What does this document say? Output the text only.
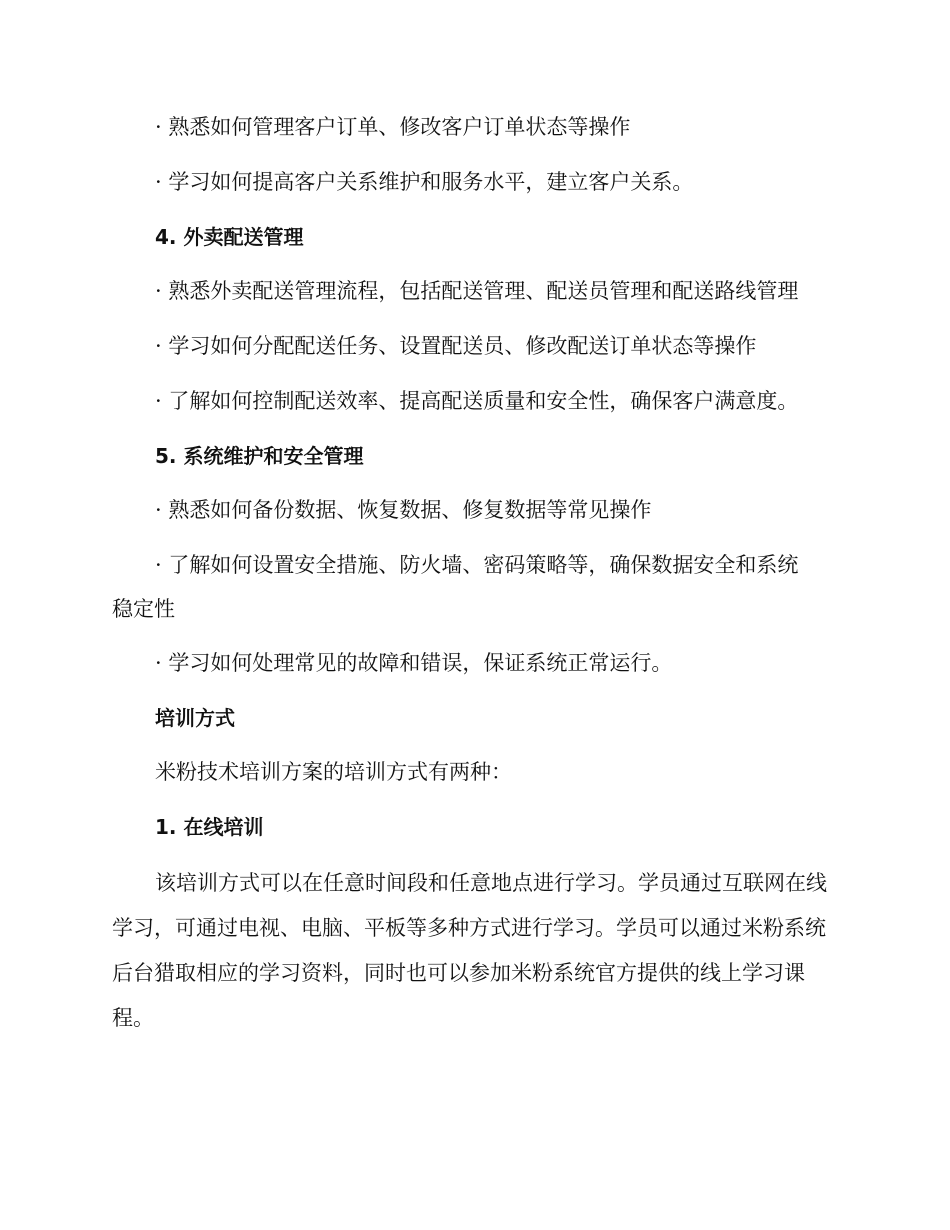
· 熟悉如何管理客户订单、修改客户订单状态等操作
· 学习如何提高客户关系维护和服务水平，建立客户关系。
4. 外卖配送管理
· 熟悉外卖配送管理流程，包括配送管理、配送员管理和配送路线管理
· 学习如何分配配送任务、设置配送员、修改配送订单状态等操作
· 了解如何控制配送效率、提高配送质量和安全性，确保客户满意度。
5. 系统维护和安全管理
· 熟悉如何备份数据、恢复数据、修复数据等常见操作
· 了解如何设置安全措施、防火墙、密码策略等，确保数据安全和系统
稳定性
· 学习如何处理常见的故障和错误，保证系统正常运行。
培训方式
米粉技术培训方案的培训方式有两种：
1. 在线培训
该培训方式可以在任意时间段和任意地点进行学习。学员通过互联网在线学习，可通过电视、电脑、平板等多种方式进行学习。学员可以通过米粉系统后台猎取相应的学习资料，同时也可以参加米粉系统官方提供的线上学习课程。
